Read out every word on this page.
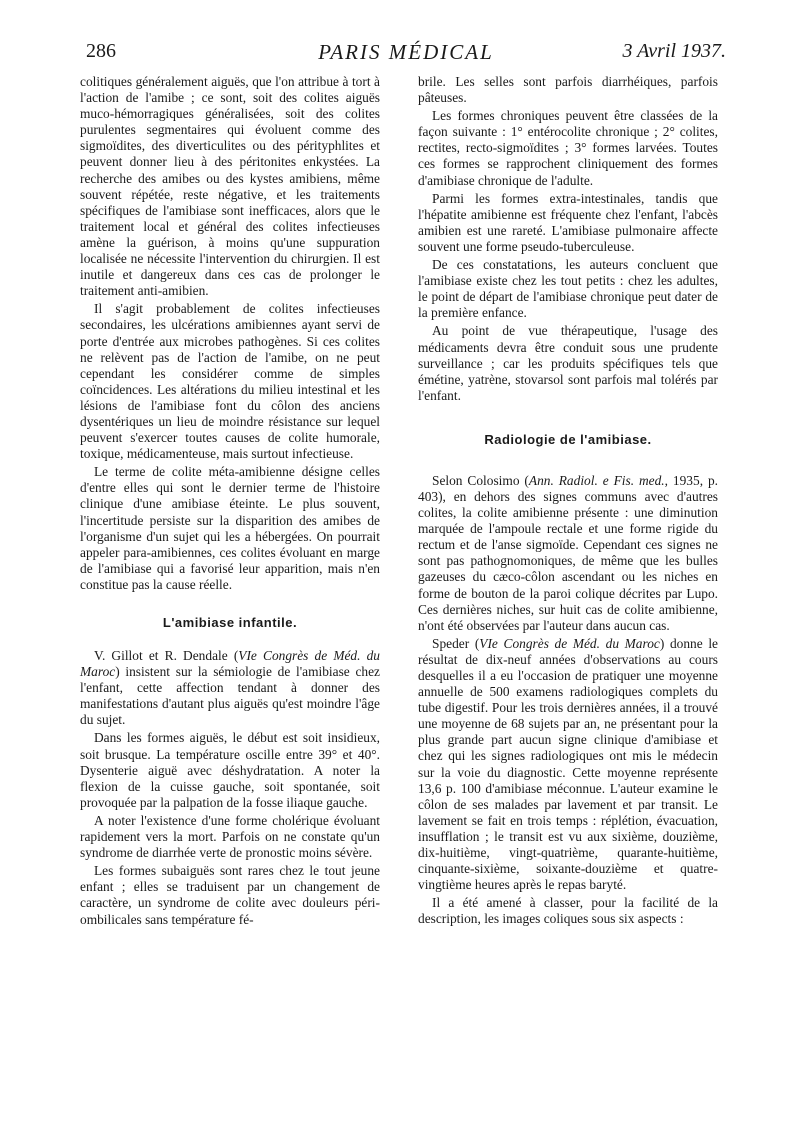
286	PARIS MÉDICAL	3 Avril 1937.

colitiques généralement aiguës, que l'on attribue à tort à l'action de l'amibe ; ce sont, soit des colites aiguës muco-hémorragiques généralisées, soit des colites purulentes segmentaires qui évoluent comme des sigmoïdites, des diverticulites ou des pérityphlites et peuvent donner lieu à des péritonites enkystées. La recherche des amibes ou des kystes amibiens, même souvent répétée, reste négative, et les traitements spécifiques de l'amibiase sont inefficaces, alors que le traitement local et général des colites infectieuses amène la guérison, à moins qu'une suppuration localisée ne nécessite l'intervention du chirurgien. Il est inutile et dangereux dans ces cas de prolonger le traitement anti-amibien.

Il s'agit probablement de colites infectieuses secondaires, les ulcérations amibiennes ayant servi de porte d'entrée aux microbes pathogènes. Si ces colites ne relèvent pas de l'action de l'amibe, on ne peut cependant les considérer comme de simples coïncidences. Les altérations du milieu intestinal et les lésions de l'amibiase font du côlon des anciens dysentériques un lieu de moindre résistance sur lequel peuvent s'exercer toutes causes de colite humorale, toxique, médicamenteuse, mais surtout infectieuse.

Le terme de colite méta-amibienne désigne celles d'entre elles qui sont le dernier terme de l'histoire clinique d'une amibiase éteinte. Le plus souvent, l'incertitude persiste sur la disparition des amibes de l'organisme d'un sujet qui les a hébergées. On pourrait appeler para-amibiennes, ces colites évoluant en marge de l'amibiase qui a favorisé leur apparition, mais n'en constitue pas la cause réelle.

L'amibiase infantile.

V. Gillot et R. Dendale (VIe Congrès de Méd. du Maroc) insistent sur la sémiologie de l'amibiase chez l'enfant, cette affection tendant à donner des manifestations d'autant plus aiguës qu'est moindre l'âge du sujet.

Dans les formes aiguës, le début est soit insidieux, soit brusque. La température oscille entre 39° et 40°. Dysenterie aiguë avec déshydratation. A noter la flexion de la cuisse gauche, soit spontanée, soit provoquée par la palpation de la fosse iliaque gauche.

A noter l'existence d'une forme cholérique évoluant rapidement vers la mort. Parfois on ne constate qu'un syndrome de diarrhée verte de pronostic moins sévère.

Les formes subaiguës sont rares chez le tout jeune enfant ; elles se traduisent par un changement de caractère, un syndrome de colite avec douleurs péri-ombilicales sans température fé-

brile. Les selles sont parfois diarrhéiques, parfois pâteuses.

Les formes chroniques peuvent être classées de la façon suivante : 1° entérocolite chronique ; 2° colites, rectites, recto-sigmoïdites ; 3° formes larvées. Toutes ces formes se rapprochent cliniquement des formes d'amibiase chronique de l'adulte.

Parmi les formes extra-intestinales, tandis que l'hépatite amibienne est fréquente chez l'enfant, l'abcès amibien est une rareté. L'amibiase pulmonaire affecte souvent une forme pseudo-tuberculeuse.

De ces constatations, les auteurs concluent que l'amibiase existe chez les tout petits : chez les adultes, le point de départ de l'amibiase chronique peut dater de la première enfance.

Au point de vue thérapeutique, l'usage des médicaments devra être conduit sous une prudente surveillance ; car les produits spécifiques tels que émétine, yatrène, stovarsol sont parfois mal tolérés par l'enfant.

Radiologie de l'amibiase.

Selon Colosimo (Ann. Radiol. e Fis. med., 1935, p. 403), en dehors des signes communs avec d'autres colites, la colite amibienne présente : une diminution marquée de l'ampoule rectale et une forme rigide du rectum et de l'anse sigmoïde. Cependant ces signes ne sont pas pathognomoniques, de même que les bulles gazeuses du cæco-côlon ascendant ou les niches en forme de bouton de la paroi colique décrites par Lupo. Ces dernières niches, sur huit cas de colite amibienne, n'ont été observées par l'auteur dans aucun cas.

Speder (VIe Congrès de Méd. du Maroc) donne le résultat de dix-neuf années d'observations au cours desquelles il a eu l'occasion de pratiquer une moyenne annuelle de 500 examens radiologiques complets du tube digestif. Pour les trois dernières années, il a trouvé une moyenne de 68 sujets par an, ne présentant pour la plus grande part aucun signe clinique d'amibiase et chez qui les signes radiologiques ont mis le médecin sur la voie du diagnostic. Cette moyenne représente 13,6 p. 100 d'amibiase méconnue. L'auteur examine le côlon de ses malades par lavement et par transit. Le lavement se fait en trois temps : réplétion, évacuation, insufflation ; le transit est vu aux sixième, douzième, dix-huitième, vingt-quatrième, quarante-huitième, cinquante-sixième, soixante-douzième et quatre-vingtième heures après le repas baryté.

Il a été amené à classer, pour la facilité de la description, les images coliques sous six aspects :
